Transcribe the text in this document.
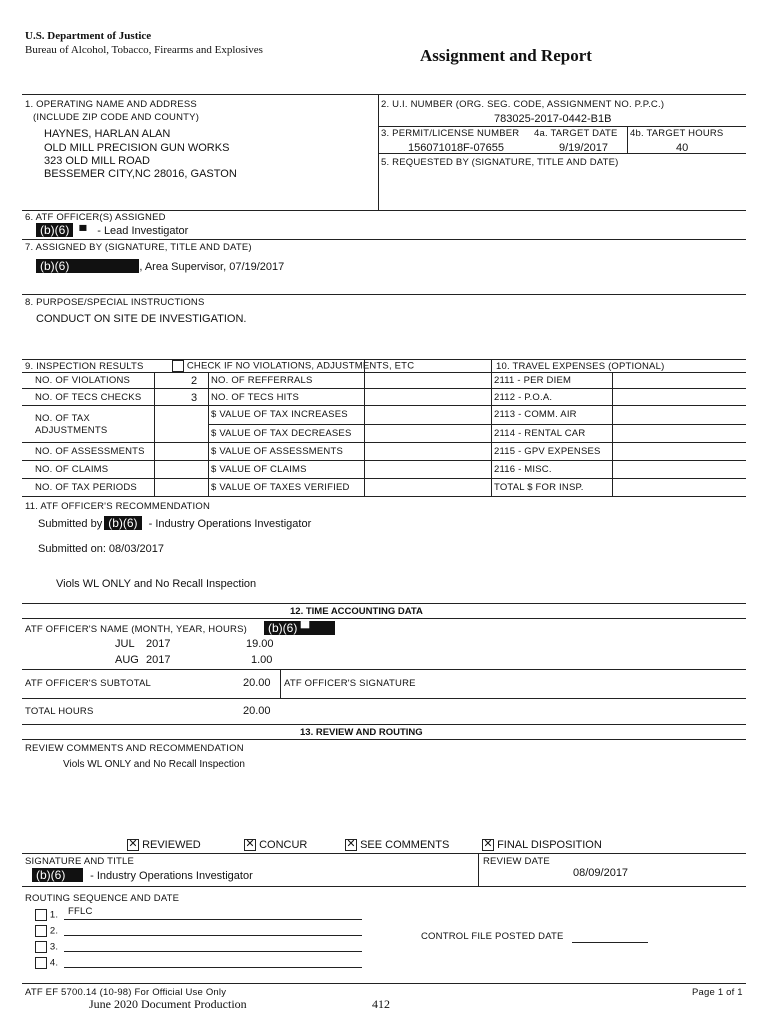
U.S. Department of Justice
Bureau of Alcohol, Tobacco, Firearms and Explosives	Assignment and Report
1. OPERATING NAME AND ADDRESS
(INCLUDE ZIP CODE AND COUNTY)
HAYNES, HARLAN ALAN
OLD MILL PRECISION GUN WORKS
323 OLD MILL ROAD
BESSEMER CITY,NC 28016, GASTON
2. U.I. NUMBER (ORG. SEG. CODE, ASSIGNMENT NO. P.P.C.)
783025-2017-0442-B1B
3. PERMIT/LICENSE NUMBER 4a. TARGET DATE 4b. TARGET HOURS
156071018F-07655	9/19/2017	40
5. REQUESTED BY (SIGNATURE, TITLE AND DATE)
6. ATF OFFICER(S) ASSIGNED
(b)(6) ▀ - Lead Investigator
7. ASSIGNED BY (SIGNATURE, TITLE AND DATE)
(b)(6)	, Area Supervisor, 07/19/2017
8. PURPOSE/SPECIAL INSTRUCTIONS
CONDUCT ON SITE DE INVESTIGATION.
9. INSPECTION RESULTS	CHECK IF NO VIOLATIONS, ADJUSTMENTS, ETC	10. TRAVEL EXPENSES (OPTIONAL)
NO. OF VIOLATIONS	2 NO. OF REFFERRALS	2111 - PER DIEM
NO. OF TECS CHECKS	3 NO. OF TECS HITS	2112 - P.O.A.
NO. OF TAX
ADJUSTMENTS
$ VALUE OF TAX INCREASES	2113 - COMM. AIR
$ VALUE OF TAX DECREASES	2114 - RENTAL CAR
NO. OF ASSESSMENTS	$ VALUE OF ASSESSMENTS	2115 - GPV EXPENSES
NO. OF CLAIMS	$ VALUE OF CLAIMS	2116 - MISC.
NO. OF TAX PERIODS	$ VALUE OF TAXES VERIFIED	TOTAL $ FOR INSP.
11. ATF OFFICER'S RECOMMENDATION
Submitted by (b)(6) - Industry Operations Investigator
Submitted on: 08/03/2017
Viols WL ONLY and No Recall Inspection
12. TIME ACCOUNTING DATA
ATF OFFICER'S NAME (MONTH, YEAR, HOURS)	(b)(6) ▀
JUL 2017	19.00
AUG 2017	1.00
ATF OFFICER'S SUBTOTAL	20.00 ATF OFFICER'S SIGNATURE
TOTAL HOURS	20.00
13. REVIEW AND ROUTING
REVIEW COMMENTS AND RECOMMENDATION
Viols WL ONLY and No Recall Inspection
✕ REVIEWED ✕	CONCUR ✕	SEE COMMENTS ✕	FINAL DISPOSITION
SIGNATURE AND TITLE
(b)(6) - Industry Operations Investigator
REVIEW DATE
08/09/2017
ROUTING SEQUENCE AND DATE
1. FFLC
2.
3.
4.
CONTROL FILE POSTED DATE
ATF EF 5700.14 (10-98) For Official Use Only
June 2020 Document Production	412
Page 1 of 1
